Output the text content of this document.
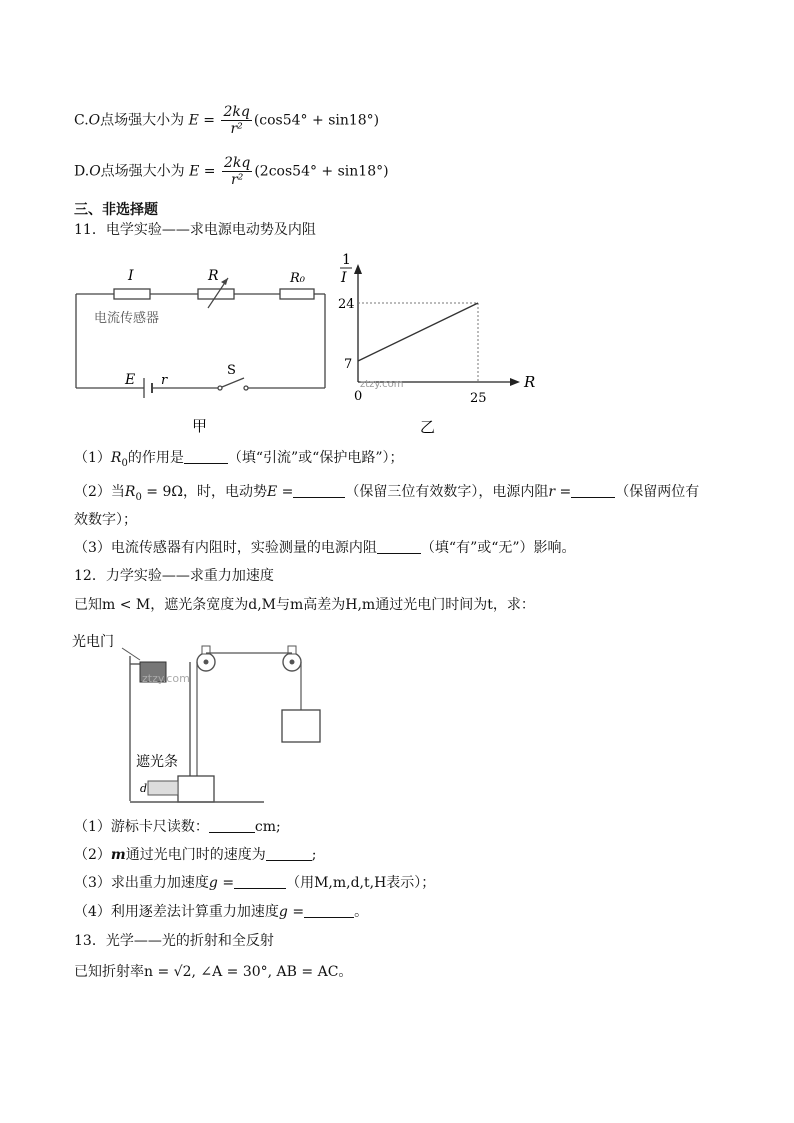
C.O点场强大小为 $E = \frac{2kq}{\text{r²}} (\cos 54^\circ + \sin 18^\circ)$
D.O点场强大小为 $E = \frac{2kq}{\text{r²}} (2\cos 54^\circ + \sin 18^\circ)$
三、非选择题
11．电学实验——求电源电动势及内阻
I	R	R₀
电流传感器
E r
S
甲
1
I
24
7
0	25
R
ztzy.com
乙
$(1)R_0$的作用是	（填“引流”或“保护电路”）；
（2）当$R_0 = 9\Omega$，时，电动势E =	（保留三位有效数字），电源内阻r =	（保留两位有
效数字）；
（3）电流传感器有内阻时，实验测量的电源内阻	（填“有”或“无”）影响。
12．力学实验——求重力加速度
已知m < M，遮光条宽度为d,M与m高差为H,m通过光电门时间为t，求：
光电门
ztzy.com
遮光条
d
（1）游标卡尺读数：	cm;
（2）m通过光电门时的速度为	;
（3）求出重力加速度g =	（用M,m,d,t,H表示）；
（4）利用逐差法计算重力加速度g =	。
13．光学——光的折射和全反射
已知折射率n = √2, ∠A = 30°, AB = AC。
